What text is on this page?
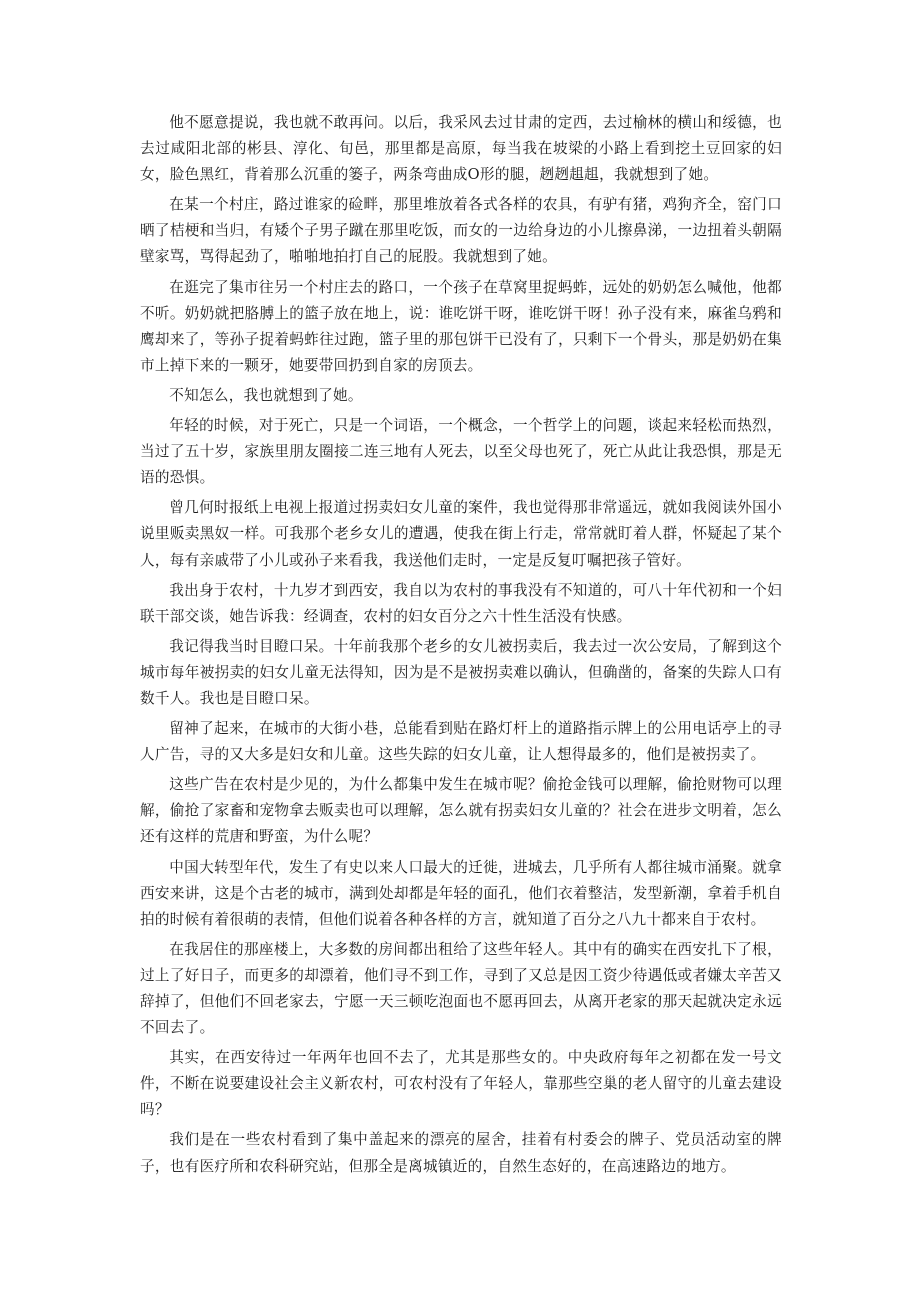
他不愿意提说，我也就不敢再问。以后，我采风去过甘肃的定西，去过榆林的横山和绥德，也去过咸阳北部的彬县、淳化、旬邑，那里都是高原，每当我在坡梁的小路上看到挖土豆回家的妇女，脸色黑红，背着那么沉重的篓子，两条弯曲成O形的腿，趔趔趄趄，我就想到了她。

在某一个村庄，路过谁家的硷畔，那里堆放着各式各样的农具，有驴有猪，鸡狗齐全，窑门口晒了桔梗和当归，有矮个子男子蹴在那里吃饭，而女的一边给身边的小儿擦鼻涕，一边扭着头朝隔壁家骂，骂得起劲了，啪啪地拍打自己的屁股。我就想到了她。

在逛完了集市往另一个村庄去的路口，一个孩子在草窝里捉蚂蚱，远处的奶奶怎么喊他，他都不听。奶奶就把胳膊上的篮子放在地上，说：谁吃饼干呀，谁吃饼干呀！孙子没有来，麻雀乌鸦和鹰却来了，等孙子捉着蚂蚱往过跑，篮子里的那包饼干已没有了，只剩下一个骨头，那是奶奶在集市上掉下来的一颗牙，她要带回扔到自家的房顶去。

不知怎么，我也就想到了她。

年轻的时候，对于死亡，只是一个词语，一个概念，一个哲学上的问题，谈起来轻松而热烈，当过了五十岁，家族里朋友圈接二连三地有人死去，以至父母也死了，死亡从此让我恐惧，那是无语的恐惧。

曾几何时报纸上电视上报道过拐卖妇女儿童的案件，我也觉得那非常遥远，就如我阅读外国小说里贩卖黑奴一样。可我那个老乡女儿的遭遇，使我在街上行走，常常就盯着人群，怀疑起了某个人，每有亲戚带了小儿或孙子来看我，我送他们走时，一定是反复叮嘱把孩子管好。

我出身于农村，十九岁才到西安，我自以为农村的事我没有不知道的，可八十年代初和一个妇联干部交谈，她告诉我：经调查，农村的妇女百分之六十性生活没有快感。

我记得我当时目瞪口呆。十年前我那个老乡的女儿被拐卖后，我去过一次公安局，了解到这个城市每年被拐卖的妇女儿童无法得知，因为是不是被拐卖难以确认，但确凿的，备案的失踪人口有数千人。我也是目瞪口呆。

留神了起来，在城市的大街小巷，总能看到贴在路灯杆上的道路指示牌上的公用电话亭上的寻人广告，寻的又大多是妇女和儿童。这些失踪的妇女儿童，让人想得最多的，他们是被拐卖了。

这些广告在农村是少见的，为什么都集中发生在城市呢？偷抢金钱可以理解，偷抢财物可以理解，偷抢了家畜和宠物拿去贩卖也可以理解，怎么就有拐卖妇女儿童的？社会在进步文明着，怎么还有这样的荒唐和野蛮，为什么呢？

中国大转型年代，发生了有史以来人口最大的迁徙，进城去，几乎所有人都往城市涌聚。就拿西安来讲，这是个古老的城市，满到处却都是年轻的面孔，他们衣着整洁，发型新潮，拿着手机自拍的时候有着很萌的表情，但他们说着各种各样的方言，就知道了百分之八九十都来自于农村。

在我居住的那座楼上，大多数的房间都出租给了这些年轻人。其中有的确实在西安扎下了根，过上了好日子，而更多的却漂着，他们寻不到工作，寻到了又总是因工资少待遇低或者嫌太辛苦又辞掉了，但他们不回老家去，宁愿一天三顿吃泡面也不愿再回去，从离开老家的那天起就决定永远不回去了。

其实，在西安待过一年两年也回不去了，尤其是那些女的。中央政府每年之初都在发一号文件，不断在说要建设社会主义新农村，可农村没有了年轻人，靠那些空巢的老人留守的儿童去建设吗？

我们是在一些农村看到了集中盖起来的漂亮的屋舍，挂着有村委会的牌子、党员活动室的牌子，也有医疗所和农科研究站，但那全是离城镇近的，自然生态好的，在高速路边的地方。
